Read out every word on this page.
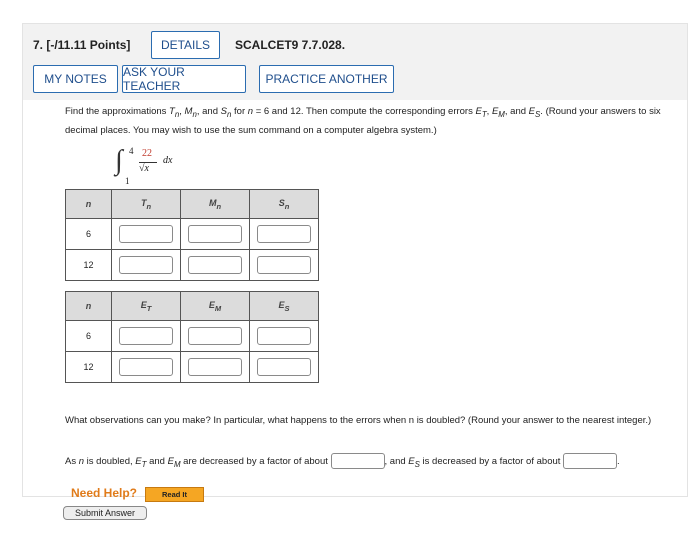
7. [-/11.11 Points]	DETAILS	SCALCET9 7.7.028.
MY NOTES	ASK YOUR TEACHER	PRACTICE ANOTHER
Find the approximations $T_n$, $M_n$, and $S_n$ for n = 6 and 12. Then compute the corresponding errors $E_T$, $E_M$, and $E_S$. (Round your answers to six decimal places. You may wish to use the sum command on a computer algebra system.)
∫ 4
1
22
√x
dx
n	$T_n$	$M_n$	$S_n$
6			
12			
n	$E_T$	$E_M$	$E_S$
6			
12			
What observations can you make? In particular, what happens to the errors when n is doubled? (Round your answer to the nearest integer.)
As n is doubled, $E_T$ and $E_M$ are decreased by a factor of about	, and $E_S$ is decreased by a factor of about	.
Need Help?	Read It
Submit Answer
